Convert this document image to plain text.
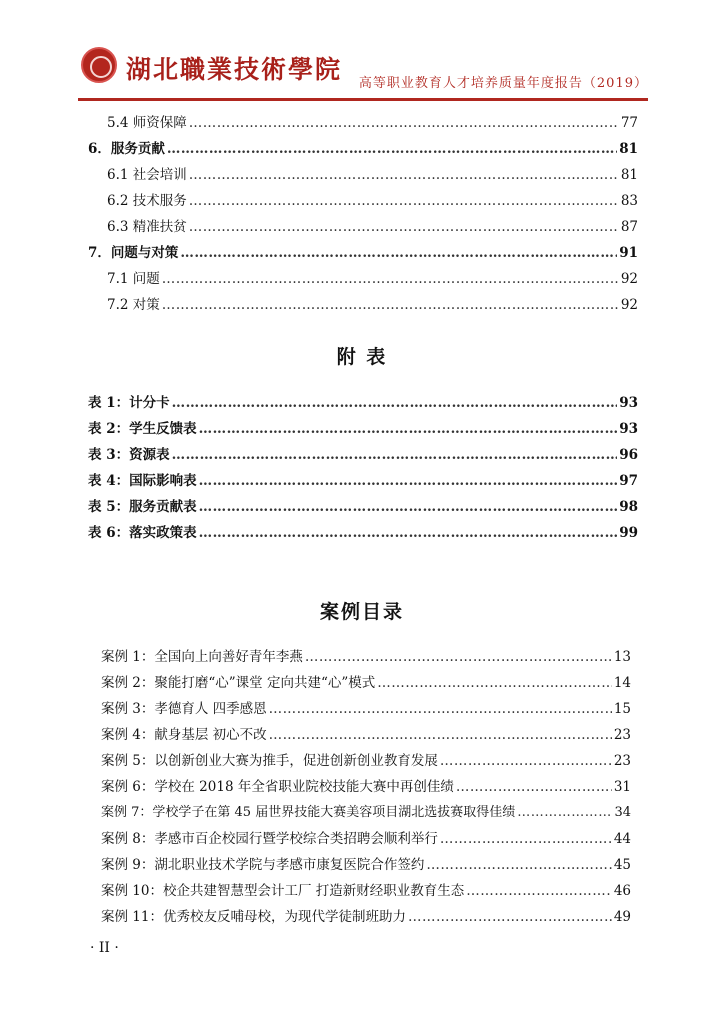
湖北職業技術學院 高等职业教育人才培养质量年度报告（2019）
5.4 师资保障 ……………………………………………………………………………………………………………………………………………………………………	77
6．服务贡献 ……………………………………………………………………………………………………………………………………………………………………	81
6.1 社会培训 ……………………………………………………………………………………………………………………………………………………………………	81
6.2 技术服务 ……………………………………………………………………………………………………………………………………………………………………	83
6.3 精准扶贫 ……………………………………………………………………………………………………………………………………………………………………	87
7．问题与对策 ……………………………………………………………………………………………………………………………………………………………………	91
7.1 问题 ……………………………………………………………………………………………………………………………………………………………………	92
7.2 对策 ……………………………………………………………………………………………………………………………………………………………………	92
附 表
表 1：计分卡 ……………………………………………………………………………………………………………………………………………………………………	93
表 2：学生反馈表 ……………………………………………………………………………………………………………………………………………………………………	93
表 3：资源表 ……………………………………………………………………………………………………………………………………………………………………	96
表 4：国际影响表 ……………………………………………………………………………………………………………………………………………………………………	97
表 5：服务贡献表 ……………………………………………………………………………………………………………………………………………………………………	98
表 6：落实政策表 ……………………………………………………………………………………………………………………………………………………………………	99
案例目录
案例 1：全国向上向善好青年李燕 ……………………………………………………………………………………………………………………………………………………………………	13
案例 2：聚能打磨“心”课堂 定向共建“心”模式 ……………………………………………………………………………………………………………………………………………………………………	14
案例 3：孝德育人 四季感恩 ……………………………………………………………………………………………………………………………………………………………………	15
案例 4：献身基层 初心不改 ……………………………………………………………………………………………………………………………………………………………………	23
案例 5：以创新创业大赛为推手，促进创新创业教育发展 ……………………………………………………………………………………………………………………………………………………………………	23
案例 6：学校在 2018 年全省职业院校技能大赛中再创佳绩 ……………………………………………………………………………………………………………………………………………………………………	31
案例 7：学校学子在第 45 届世界技能大赛美容项目湖北选拔赛取得佳绩 ……………………………………………………………………………………………………………………………………………………………………	34
案例 8：孝感市百企校园行暨学校综合类招聘会顺利举行 ……………………………………………………………………………………………………………………………………………………………………	44
案例 9：湖北职业技术学院与孝感市康复医院合作签约 ……………………………………………………………………………………………………………………………………………………………………	45
案例 10：校企共建智慧型会计工厂 打造新财经职业教育生态 ……………………………………………………………………………………………………………………………………………………………………	46
案例 11：优秀校友反哺母校，为现代学徒制班助力 ……………………………………………………………………………………………………………………………………………………………………	49
· II ·
